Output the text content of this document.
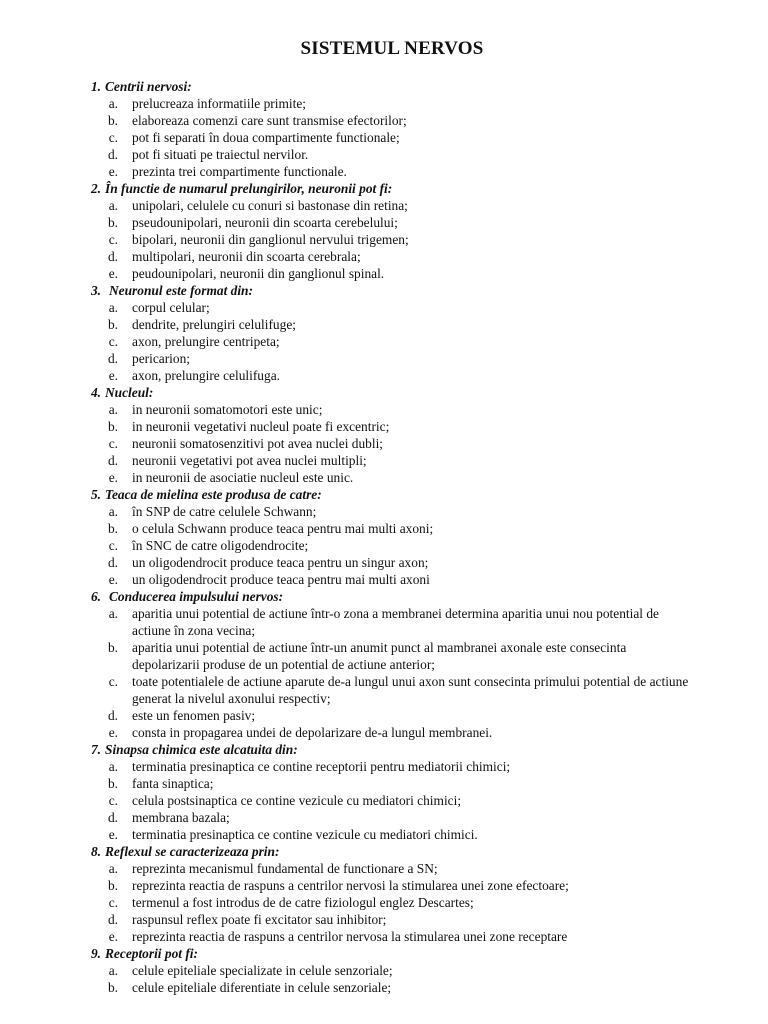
SISTEMUL NERVOS
1. Centrii nervosi:
a.	prelucreaza informatiile primite;
b.	elaboreaza comenzi care sunt transmise efectorilor;
c.	pot fi separati în doua compartimente functionale;
d.	pot fi situati pe traiectul nervilor.
e.	prezinta trei compartimente functionale.
2. În functie de numarul prelungirilor, neuronii pot fi:
a.	unipolari, celulele cu conuri si bastonase din retina;
b.	pseudounipolari, neuronii din scoarta cerebelului;
c.	bipolari, neuronii din ganglionul nervului trigemen;
d.	multipolari, neuronii din scoarta cerebrala;
e.	peudounipolari, neuronii din ganglionul spinal.
3. Neuronul este format din:
a.	corpul celular;
b.	dendrite, prelungiri celulifuge;
c.	axon, prelungire centripeta;
d.	pericarion;
e.	axon, prelungire celulifuga.
4. Nucleul:
a.	in neuronii somatomotori este unic;
b.	in neuronii vegetativi nucleul poate fi excentric;
c.	neuronii somatosenzitivi pot avea nuclei dubli;
d.	neuronii vegetativi pot avea nuclei multipli;
e.	in neuronii de asociatie nucleul este unic.
5. Teaca de mielina este produsa de catre:
a.	în SNP de catre celulele Schwann;
b.	o celula Schwann produce teaca pentru mai multi axoni;
c.	în SNC de catre oligodendrocite;
d.	un oligodendrocit produce teaca pentru un singur axon;
e.	un oligodendrocit produce teaca pentru mai multi axoni
6. Conducerea impulsului nervos:
a.	aparitia unui potential de actiune într-o zona a membranei determina aparitia unui nou potential de actiune în zona vecina;
b.	aparitia unui potential de actiune într-un anumit punct al mambranei axonale este consecinta depolarizarii produse de un potential de actiune anterior;
c.	toate potentialele de actiune aparute de-a lungul unui axon sunt consecinta primului potential de actiune generat la nivelul axonului respectiv;
d.	este un fenomen pasiv;
e.	consta in propagarea undei de depolarizare de-a lungul membranei.
7. Sinapsa chimica este alcatuita din:
a.	terminatia presinaptica ce contine receptorii pentru mediatorii chimici;
b.	fanta sinaptica;
c.	celula postsinaptica ce contine vezicule cu mediatori chimici;
d.	membrana bazala;
e.	terminatia presinaptica ce contine vezicule cu mediatori chimici.
8. Reflexul se caracterizeaza prin:
a.	reprezinta mecanismul fundamental de functionare a SN;
b.	reprezinta reactia de raspuns a centrilor nervosi la stimularea unei zone efectoare;
c.	termenul a fost introdus de de catre fiziologul englez Descartes;
d.	raspunsul reflex poate fi excitator sau inhibitor;
e.	reprezinta reactia de raspuns a centrilor nervosa la stimularea unei zone receptare
9. Receptorii pot fi:
a.	celule epiteliale specializate in celule senzoriale;
b.	celule epiteliale diferentiate in celule senzoriale;
